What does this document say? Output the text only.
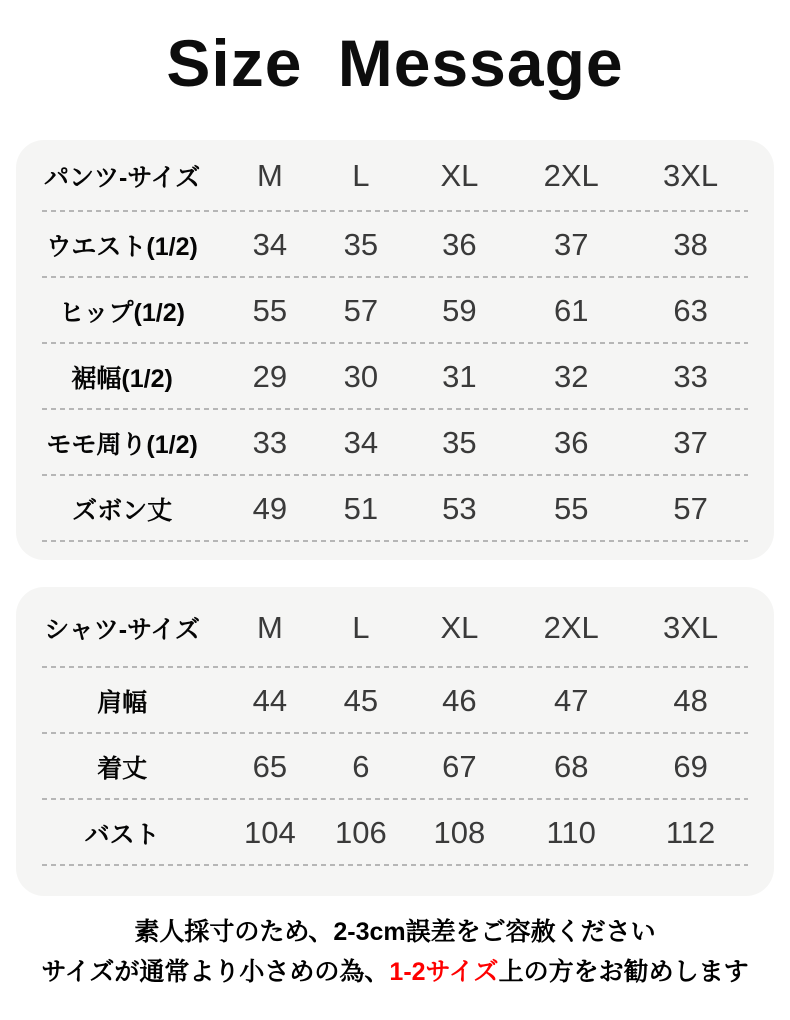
Size Message
パンツ-サイズ	M	L	XL	2XL	3XL
ウエスト(1/2)	34	35	36	37	38
ヒップ(1/2)	55	57	59	61	63
裾幅(1/2)	29	30	31	32	33
モモ周り(1/2)	33	34	35	36	37
ズボン丈	49	51	53	55	57
シャツ-サイズ	M	L	XL	2XL	3XL
肩幅	44	45	46	47	48
着丈	65	6	67	68	69
バスト	104	106	108	110	112
素人採寸のため、2-3cm誤差をご容赦ください
サイズが通常より小さめの為、1-2サイズ上の方をお勧めします
